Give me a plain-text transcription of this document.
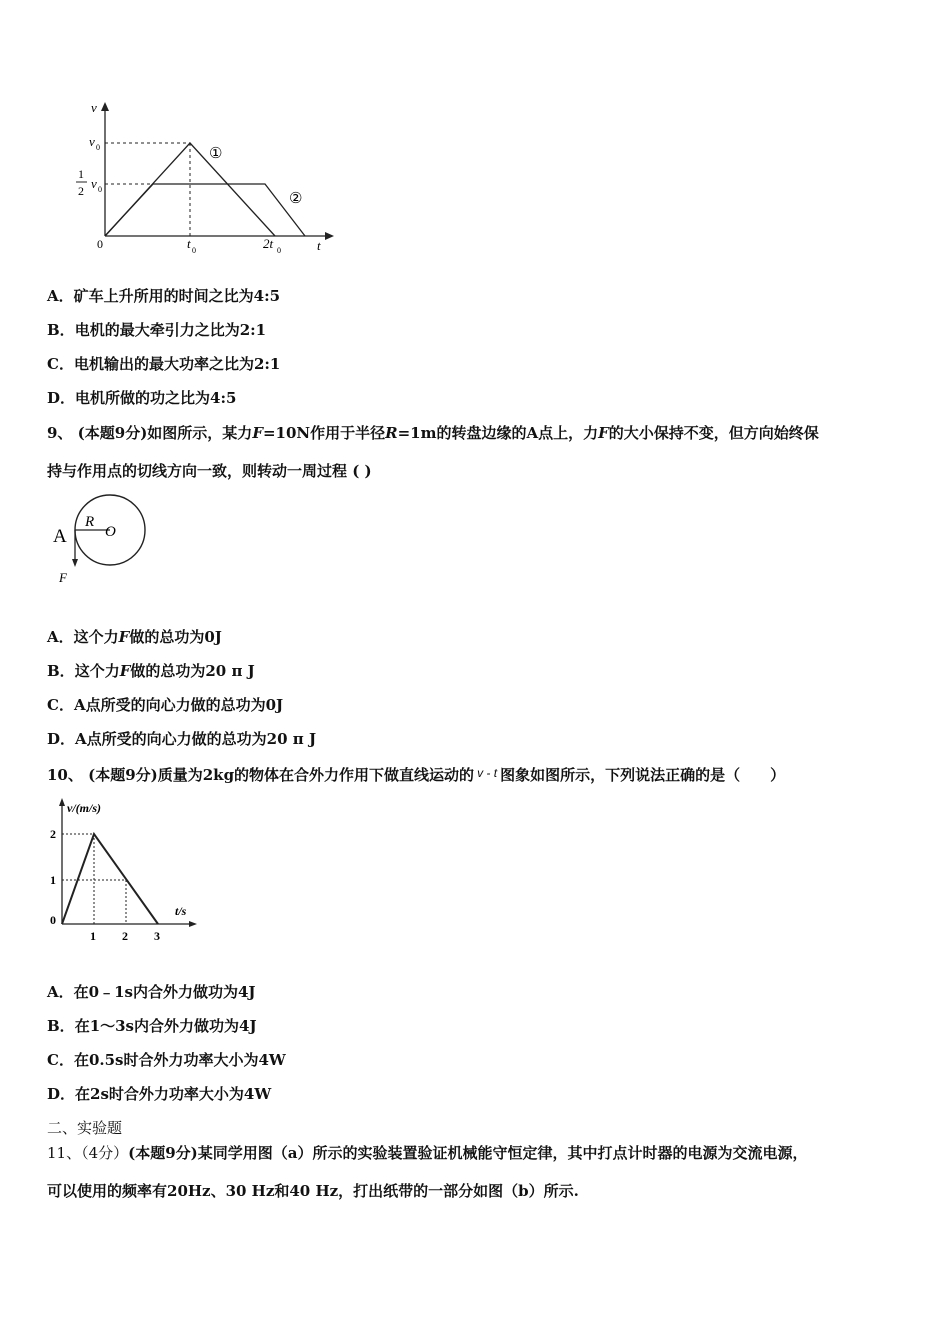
v
t
v 0
1
2 v 0
0	t 0	2t 0
①
②
A．矿车上升所用的时间之比为4:5
B．电机的最大牵引力之比为2:1
C．电机输出的最大功率之比为2:1
D．电机所做的功之比为4:5
9、 (本题9分)如图所示，某力F=10N作用于半径R=1m的转盘边缘的A点上，力F的大小保持不变，但方向始终保
持与作用点的切线方向一致，则转动一周过程 ( )
A
R
O
F
A．这个力F做的总功为0J
B．这个力F做的总功为20 π J
C．A点所受的向心力做的总功为0J
D．A点所受的向心力做的总功为20 π J
10、 (本题9分)质量为2kg的物体在合外力作用下做直线运动的 $^{v - t}$ 图象如图所示，下列说法正确的是（　　）
v/(m/s)
t/s
0
1
2
1 2 3
A．在0﹣1s内合外力做功为4J
B．在1～3s内合外力做功为4J
C．在0.5s时合外力功率大小为4W
D．在2s时合外力功率大小为4W
二、实验题
11、（4分）(本题9分)某同学用图（a）所示的实验装置验证机械能守恒定律，其中打点计时器的电源为交流电源，
可以使用的频率有20Hz、30 Hz和40 Hz，打出纸带的一部分如图（b）所示.
